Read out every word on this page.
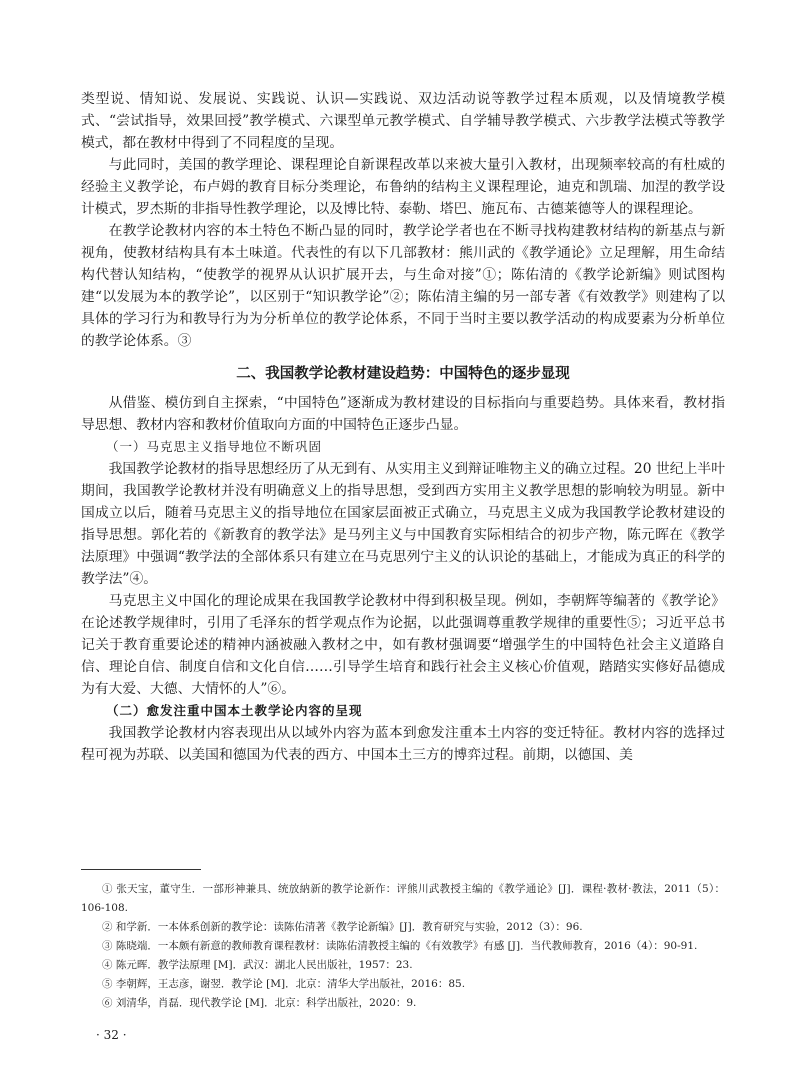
类型说、情知说、发展说、实践说、认识—实践说、双边活动说等教学过程本质观，以及情境教学模式、“尝试指导，效果回授”教学模式、六课型单元教学模式、自学辅导教学模式、六步教学法模式等教学模式，都在教材中得到了不同程度的呈现。

与此同时，美国的教学理论、课程理论自新课程改革以来被大量引入教材，出现频率较高的有杜威的经验主义教学论，布卢姆的教育目标分类理论，布鲁纳的结构主义课程理论，迪克和凯瑞、加涅的教学设计模式，罗杰斯的非指导性教学理论，以及博比特、泰勒、塔巴、施瓦布、古德莱德等人的课程理论。

在教学论教材内容的本土特色不断凸显的同时，教学论学者也在不断寻找构建教材结构的新基点与新视角，使教材结构具有本土味道。代表性的有以下几部教材：熊川武的《教学通论》立足理解，用生命结构代替认知结构，“使教学的视界从认识扩展开去，与生命对接”①；陈佑清的《教学论新编》则试图构建“以发展为本的教学论”，以区别于“知识教学论”②；陈佑清主编的另一部专著《有效教学》则建构了以具体的学习行为和教导行为为分析单位的教学论体系，不同于当时主要以教学活动的构成要素为分析单位的教学论体系。③

二、我国教学论教材建设趋势：中国特色的逐步显现

从借鉴、模仿到自主探索，“中国特色”逐渐成为教材建设的目标指向与重要趋势。具体来看，教材指导思想、教材内容和教材价值取向方面的中国特色正逐步凸显。

（一）马克思主义指导地位不断巩固

我国教学论教材的指导思想经历了从无到有、从实用主义到辩证唯物主义的确立过程。20 世纪上半叶期间，我国教学论教材并没有明确意义上的指导思想，受到西方实用主义教学思想的影响较为明显。新中国成立以后，随着马克思主义的指导地位在国家层面被正式确立，马克思主义成为我国教学论教材建设的指导思想。郭化若的《新教育的教学法》是马列主义与中国教育实际相结合的初步产物，陈元晖在《教学法原理》中强调“教学法的全部体系只有建立在马克思列宁主义的认识论的基础上，才能成为真正的科学的教学法”④。

马克思主义中国化的理论成果在我国教学论教材中得到积极呈现。例如，李朝辉等编著的《教学论》在论述教学规律时，引用了毛泽东的哲学观点作为论据，以此强调尊重教学规律的重要性⑤；习近平总书记关于教育重要论述的精神内涵被融入教材之中，如有教材强调要“增强学生的中国特色社会主义道路自信、理论自信、制度自信和文化自信……引导学生培育和践行社会主义核心价值观，踏踏实实修好品德成为有大爱、大德、大情怀的人”⑥。

（二）愈发注重中国本土教学论内容的呈现

我国教学论教材内容表现出从以域外内容为蓝本到愈发注重本土内容的变迁特征。教材内容的选择过程可视为苏联、以美国和德国为代表的西方、中国本土三方的博弈过程。前期，以德国、美

① 张天宝，董守生．一部形神兼具、统放納新的教学论新作：评熊川武教授主编的《教学通论》[J]．课程·教材·教法，2011（5）：106-108.

② 和学新．一本体系创新的教学论：读陈佑清著《教学论新编》[J]．教育研究与实验，2012（3）：96.

③ 陈晓端．一本颇有新意的教师教育课程教材：读陈佑清教授主编的《有效教学》有感 [J]．当代教师教育，2016（4）：90-91.

④ 陈元晖．教学法原理 [M]．武汉：湖北人民出版社，1957：23.

⑤ 李朝辉，王志彦，谢翌．教学论 [M]．北京：清华大学出版社，2016：85.

⑥ 刘清华，肖磊．现代教学论 [M]．北京：科学出版社，2020：9.

· 32 ·
